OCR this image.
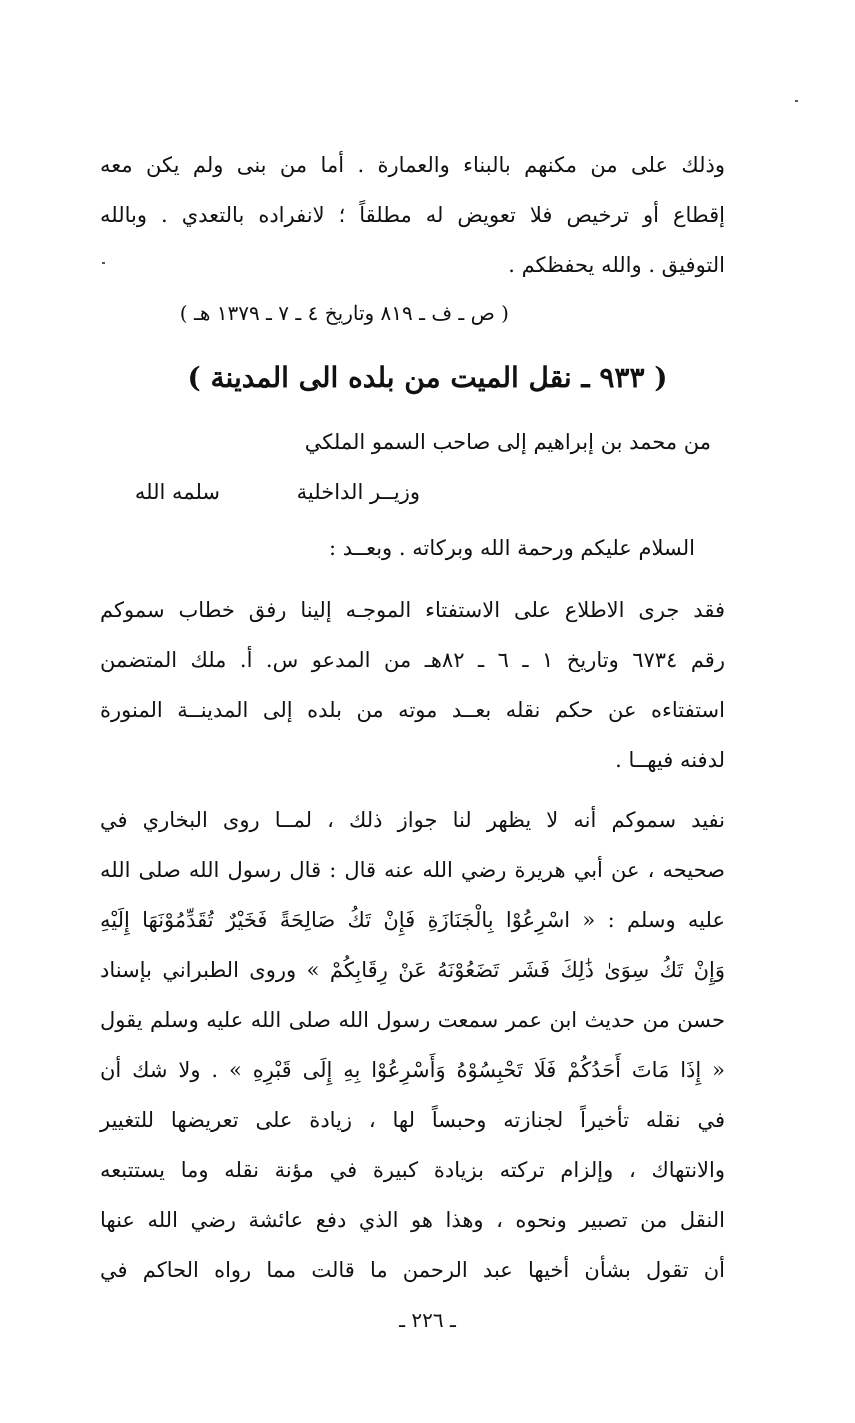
وذلك على من مكنهم بالبناء والعمارة . أما من بنى ولم يكن معه
إقطاع أو ترخيص فلا تعويض له مطلقاً ؛ لانفراده بالتعدي . وبالله
التوفيق . والله يحفظكم .
( ص ـ ف ـ ٨١٩ وتاريخ ٤ ـ ٧ ـ ١٣٧٩ هـ )
( ٩٣٣ ـ نقل الميت من بلده الى المدينة )
من محمد بن إبراهيم إلى صاحب السمو الملكي
وزيــر الداخلية
سلمه الله
السلام عليكم ورحمة الله وبركاته . وبعــد :
فقد جرى الاطلاع على الاستفتاء الموجـه إلينا رفق خطاب سموكم
رقم ٦٧٣٤ وتاريخ ١ ـ ٦ ـ ٨٢هـ من المدعو س. أ. ملك المتضمن
استفتاءه عن حكم نقله بعــد موته من بلده إلى المدينــة المنورة
لدفنه فيهــا .
نفيد سموكم أنه لا يظهر لنا جواز ذلك ، لمــا روى البخاري في
صحيحه ، عن أبي هريرة رضي الله عنه قال : قال رسول الله صلى الله
عليه وسلم : « اسْرِعُوْا بِالْجَنَازَةِ فَإِنْ تَكُ صَالِحَةً فَخَيْرٌ تُقَدِّمُوْنَهَا إِلَيْهِ
وَإِنْ تَكُ سِوَىٰ ذَٰلِكَ فَشَر تَضَعُوْنَهُ عَنْ رِقَابِكُمْ » وروى الطبراني بإسناد
حسن من حديث ابن عمر سمعت رسول الله صلى الله عليه وسلم يقول
« إِذَا مَاتَ أَحَدُكُمْ فَلَا تَحْبِسُوْهُ وَأَسْرِعُوْا بِهِ إِلَى قَبْرِهِ » . ولا شك أن
في نقله تأخيراً لجنازته وحبساً لها ، زيادة على تعريضها للتغيير
والانتهاك ، وإلزام تركته بزيادة كبيرة في مؤنة نقله وما يستتبعه
النقل من تصبير ونحوه ، وهذا هو الذي دفع عائشة رضي الله عنها
أن تقول بشأن أخيها عبد الرحمن ما قالت مما رواه الحاكم في
ـ ٢٢٦ ـ
